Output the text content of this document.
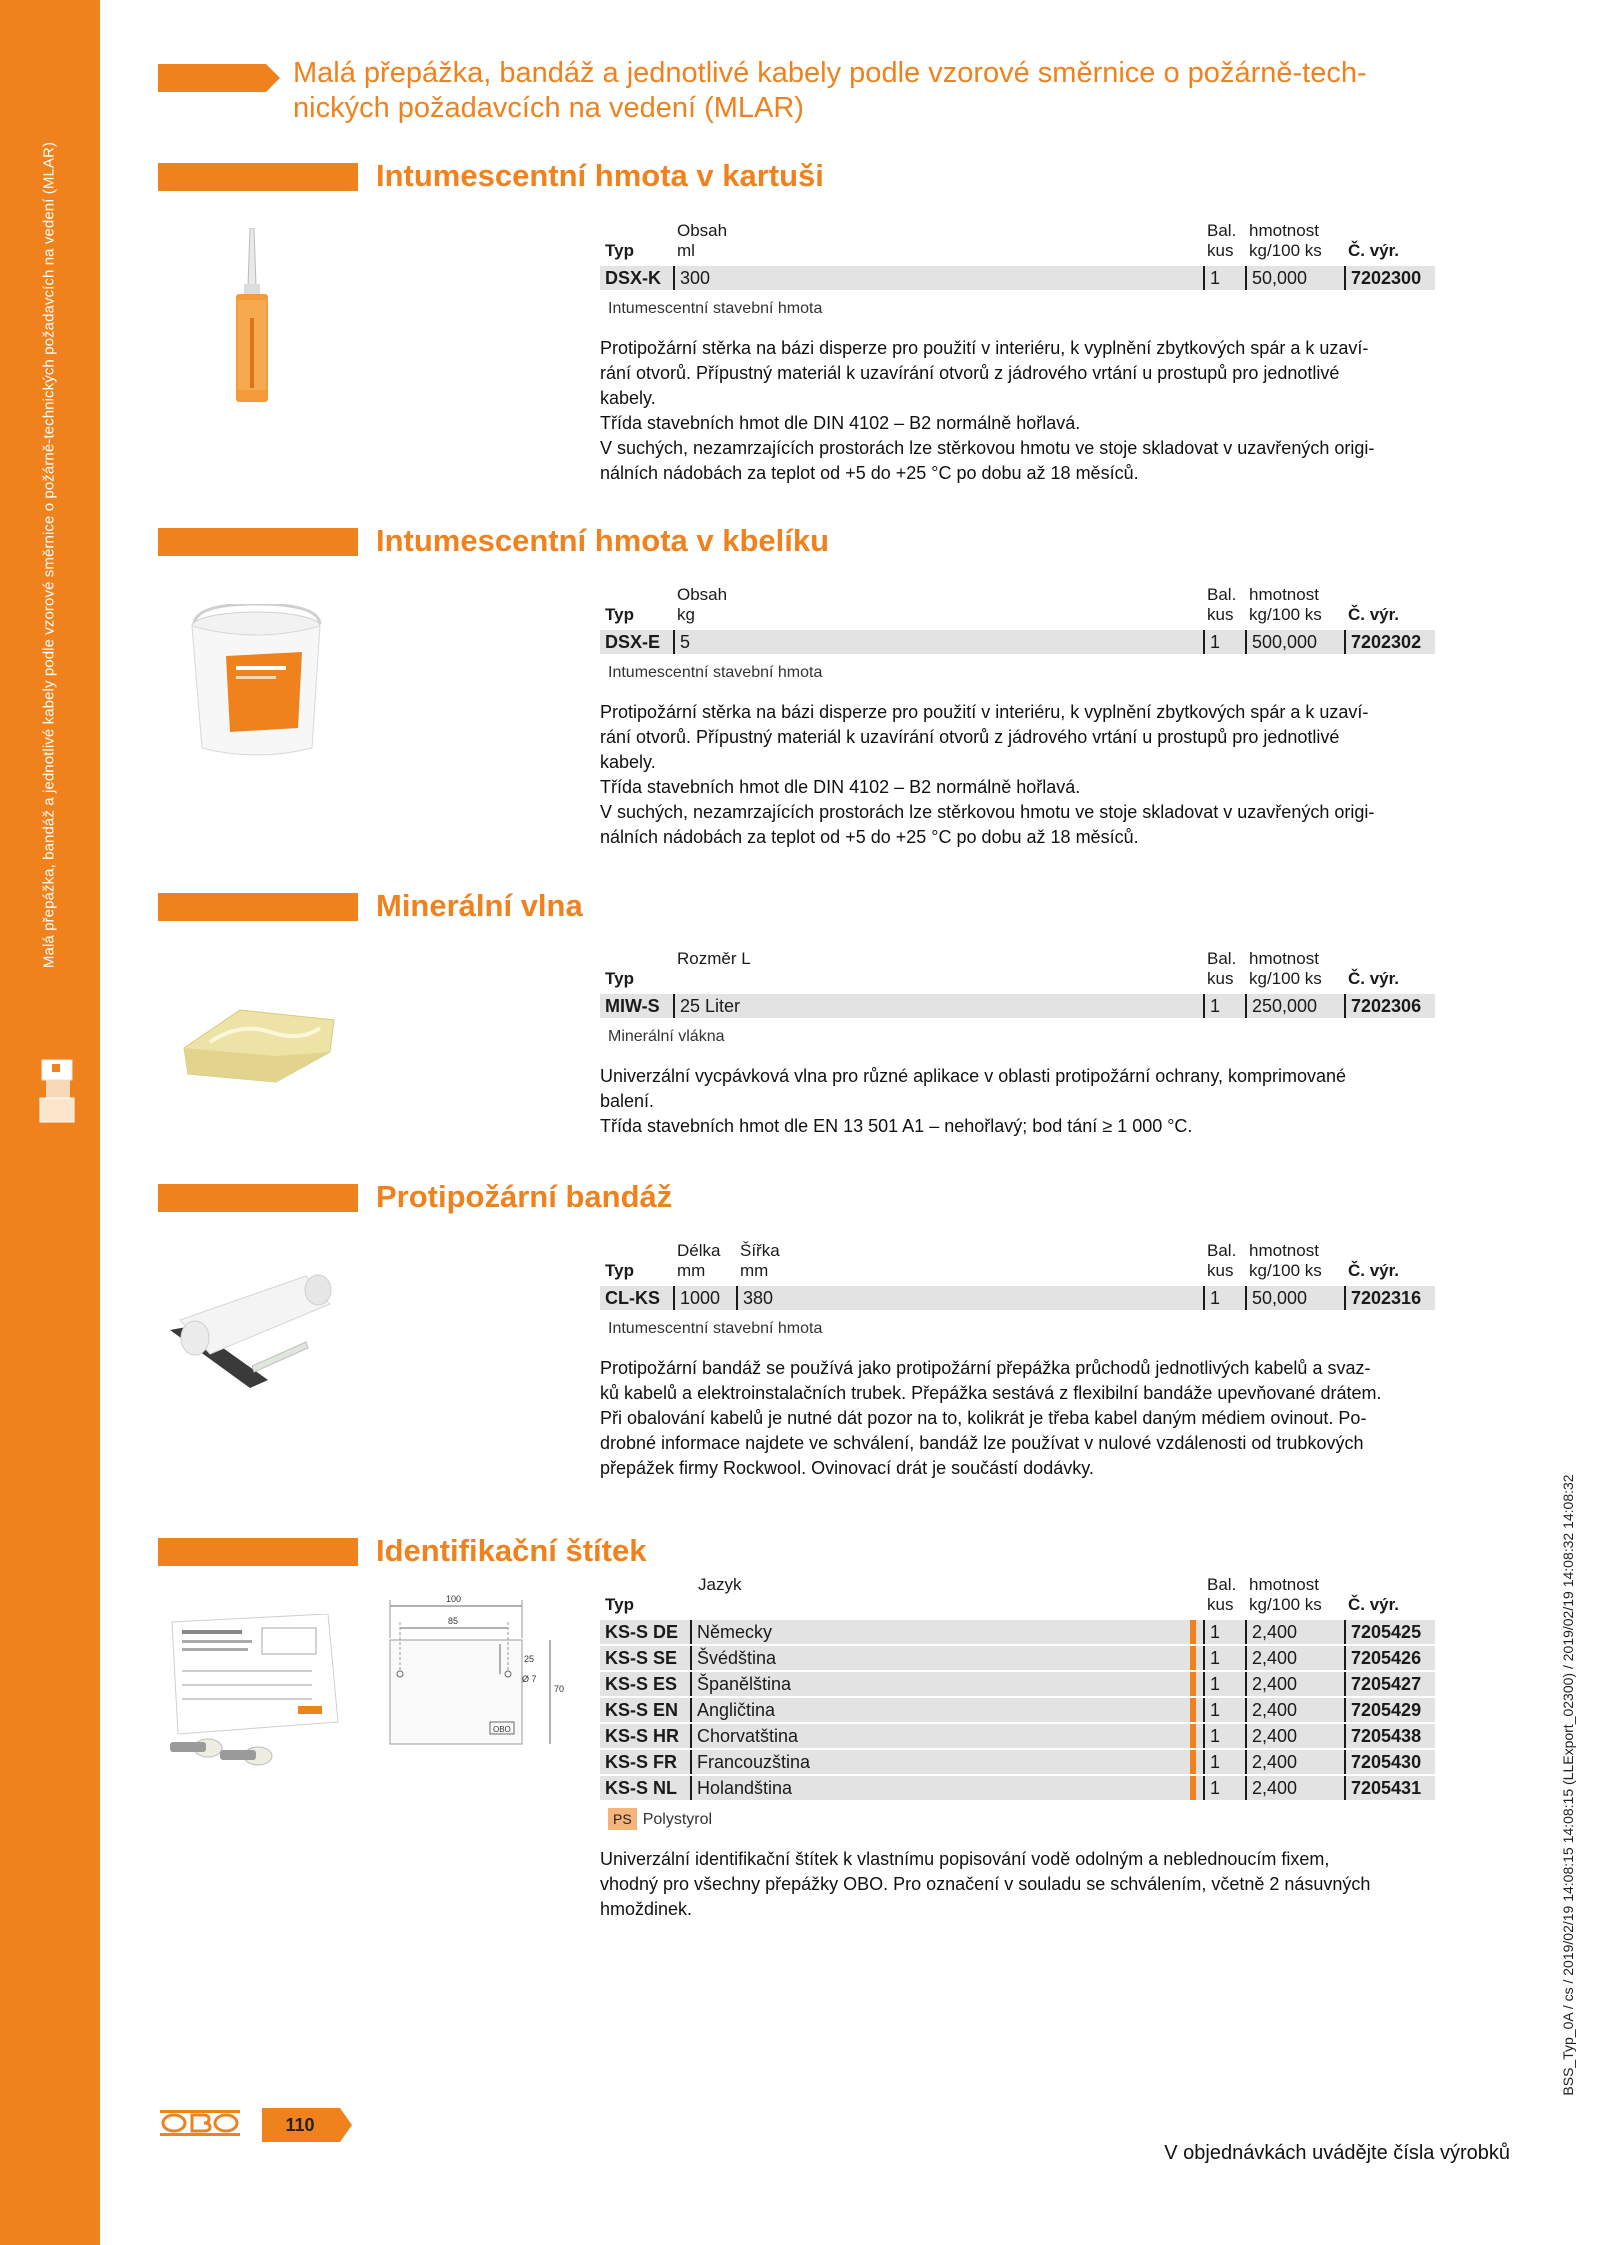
Malá přepážka, bandáž a jednotlivé kabely podle vzorové směrnice o požárně-technických požadavcích na vedení (MLAR)
BSS_Typ_0A / cs / 2019/02/19 14:08:15 14:08:15 (LLExport_02300) / 2019/02/19 14:08:32 14:08:32
Malá přepážka, bandáž a jednotlivé kabely podle vzorové směrnice o požárně-tech-
nických požadavcích na vedení (MLAR)
Intumescentní hmota v kartuši
Obsah
ml
Typ
Bal.
kus
hmotnost
kg/100 ks Č. výr.
DSX-K	300	1	50,000	7202300
Intumescentní stavební hmota

Protipožární stěrka na bázi disperze pro použití v interiéru, k vyplnění zbytkových spár a k uzaví-

rání otvorů. Přípustný materiál k uzavírání otvorů z jádrového vrtání u prostupů pro jednotlivé

kabely.

Třída stavebních hmot dle DIN 4102 – B2 normálně hořlavá.

V suchých, nezamrzajících prostorách lze stěrkovou hmotu ve stoje skladovat v uzavřených origi-

nálních nádobách za teplot od +5 do +25 °C po dobu až 18 měsíců.

Intumescentní hmota v kbelíku
Obsah
kg
Typ
Bal.
kus
hmotnost
kg/100 ks Č. výr.
DSX-E	5	1	500,000	7202302
Intumescentní stavební hmota

Protipožární stěrka na bázi disperze pro použití v interiéru, k vyplnění zbytkových spár a k uzaví-

rání otvorů. Přípustný materiál k uzavírání otvorů z jádrového vrtání u prostupů pro jednotlivé

kabely.

Třída stavebních hmot dle DIN 4102 – B2 normálně hořlavá.

V suchých, nezamrzajících prostorách lze stěrkovou hmotu ve stoje skladovat v uzavřených origi-

nálních nádobách za teplot od +5 do +25 °C po dobu až 18 měsíců.

Minerální vlna
Rozměr L
Typ
Bal.
kus
hmotnost
kg/100 ks Č. výr.
MIW-S	25 Liter	1	250,000	7202306
Minerální vlákna

Univerzální vycpávková vlna pro různé aplikace v oblasti protipožární ochrany, komprimované

balení.

Třída stavebních hmot dle EN 13 501 A1 – nehořlavý; bod tání ≥ 1 000 °C.

Protipožární bandáž
Délka
mm
Šířka
mm
Typ
Bal.
kus
hmotnost
kg/100 ks Č. výr.
CL-KS	1000	380	1	50,000	7202316
Intumescentní stavební hmota

Protipožární bandáž se používá jako protipožární přepážka průchodů jednotlivých kabelů a svaz-

ků kabelů a elektroinstalačních trubek. Přepážka sestává z flexibilní bandáže upevňované drátem.

Při obalování kabelů je nutné dát pozor na to, kolikrát je třeba kabel daným médiem ovinout. Po-

drobné informace najdete ve schválení, bandáž lze používat v nulové vzdálenosti od trubkových

přepážek firmy Rockwool. Ovinovací drát je součástí dodávky.

Identifikační štítek
100
85
25
Ø 7
70
OBO
Jazyk
Typ
Bal.
kus
hmotnost
kg/100 ks Č. výr.
KS-S DE	Německy	1	2,400	7205425
KS-S SE	Švédština	1	2,400	7205426
KS-S ES	Španělština	1	2,400	7205427
KS-S EN	Angličtina	1	2,400	7205429
KS-S HR Chorvatština	1	2,400	7205438
KS-S FR	Francouzština	1	2,400	7205430
KS-S NL	Holandština	1	2,400	7205431
PS Polystyrol

Univerzální identifikační štítek k vlastnímu popisování vodě odolným a neblednoucím fixem,

vhodný pro všechny přepážky OBO. Pro označení v souladu se schválením, včetně 2 násuvných

hmoždinek.

110
V objednávkách uvádějte čísla výrobků
